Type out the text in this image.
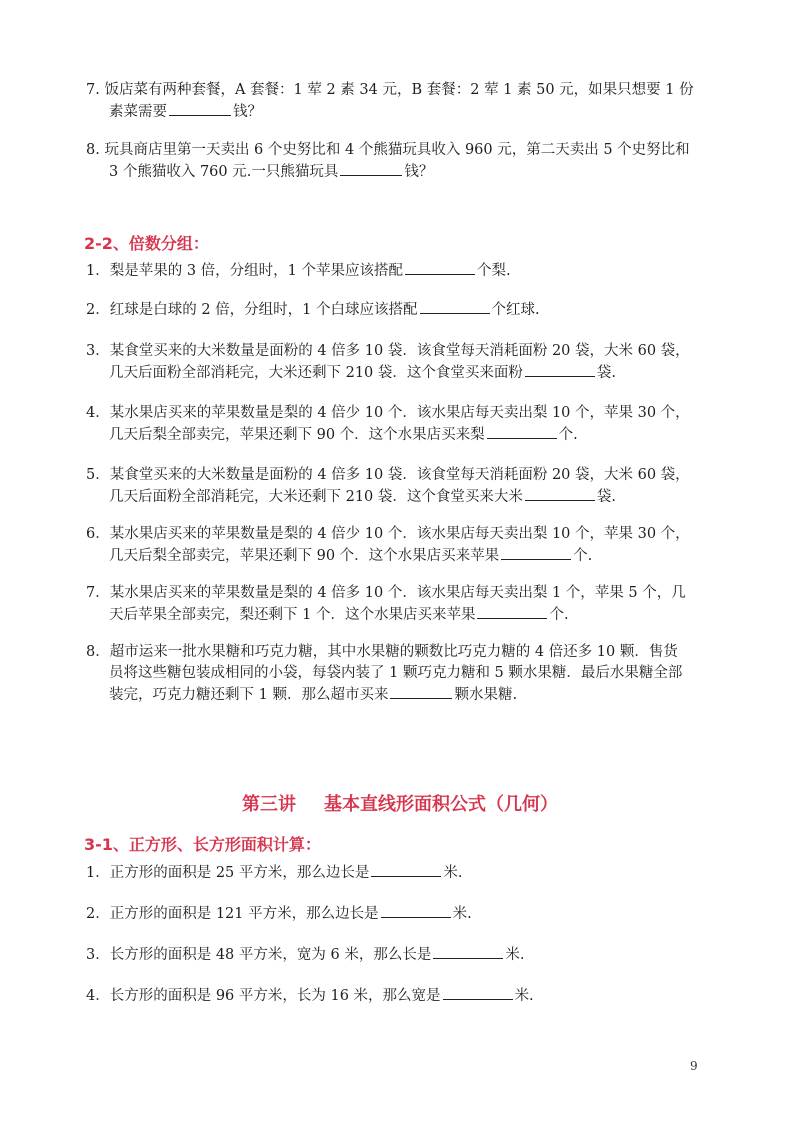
7. 饭店菜有两种套餐，A 套餐：1 荤 2 素 34 元，B 套餐：2 荤 1 素 50 元，如果只想要 1 份
素菜需要	钱？
8. 玩具商店里第一天卖出 6 个史努比和 4 个熊猫玩具收入 960 元，第二天卖出 5 个史努比和
3 个熊猫收入 760 元.一只熊猫玩具	钱？
2-2、倍数分组：
1．梨是苹果的 3 倍，分组时，1 个苹果应该搭配	个梨.
2．红球是白球的 2 倍，分组时，1 个白球应该搭配	个红球.
3．某食堂买来的大米数量是面粉的 4 倍多 10 袋．该食堂每天消耗面粉 20 袋，大米 60 袋，
几天后面粉全部消耗完，大米还剩下 210 袋．这个食堂买来面粉	袋.
4．某水果店买来的苹果数量是梨的 4 倍少 10 个．该水果店每天卖出梨 10 个，苹果 30 个，
几天后梨全部卖完，苹果还剩下 90 个．这个水果店买来梨	个.
5．某食堂买来的大米数量是面粉的 4 倍多 10 袋．该食堂每天消耗面粉 20 袋，大米 60 袋，
几天后面粉全部消耗完，大米还剩下 210 袋．这个食堂买来大米	袋.
6．某水果店买来的苹果数量是梨的 4 倍少 10 个．该水果店每天卖出梨 10 个，苹果 30 个，
几天后梨全部卖完，苹果还剩下 90 个．这个水果店买来苹果	个.
7．某水果店买来的苹果数量是梨的 4 倍多 10 个．该水果店每天卖出梨 1 个，苹果 5 个，几
天后苹果全部卖完，梨还剩下 1 个．这个水果店买来苹果	个.
8．超市运来一批水果糖和巧克力糖，其中水果糖的颗数比巧克力糖的 4 倍还多 10 颗．售货
员将这些糖包装成相同的小袋，每袋内装了 1 颗巧克力糖和 5 颗水果糖．最后水果糖全部
装完，巧克力糖还剩下 1 颗．那么超市买来	颗水果糖.
第三讲 基本直线形面积公式（几何）
3-1、正方形、长方形面积计算：
1．正方形的面积是 25 平方米，那么边长是	米.
2．正方形的面积是 121 平方米，那么边长是	米.
3．长方形的面积是 48 平方米，宽为 6 米，那么长是	米.
4．长方形的面积是 96 平方米，长为 16 米，那么宽是	米.
9
